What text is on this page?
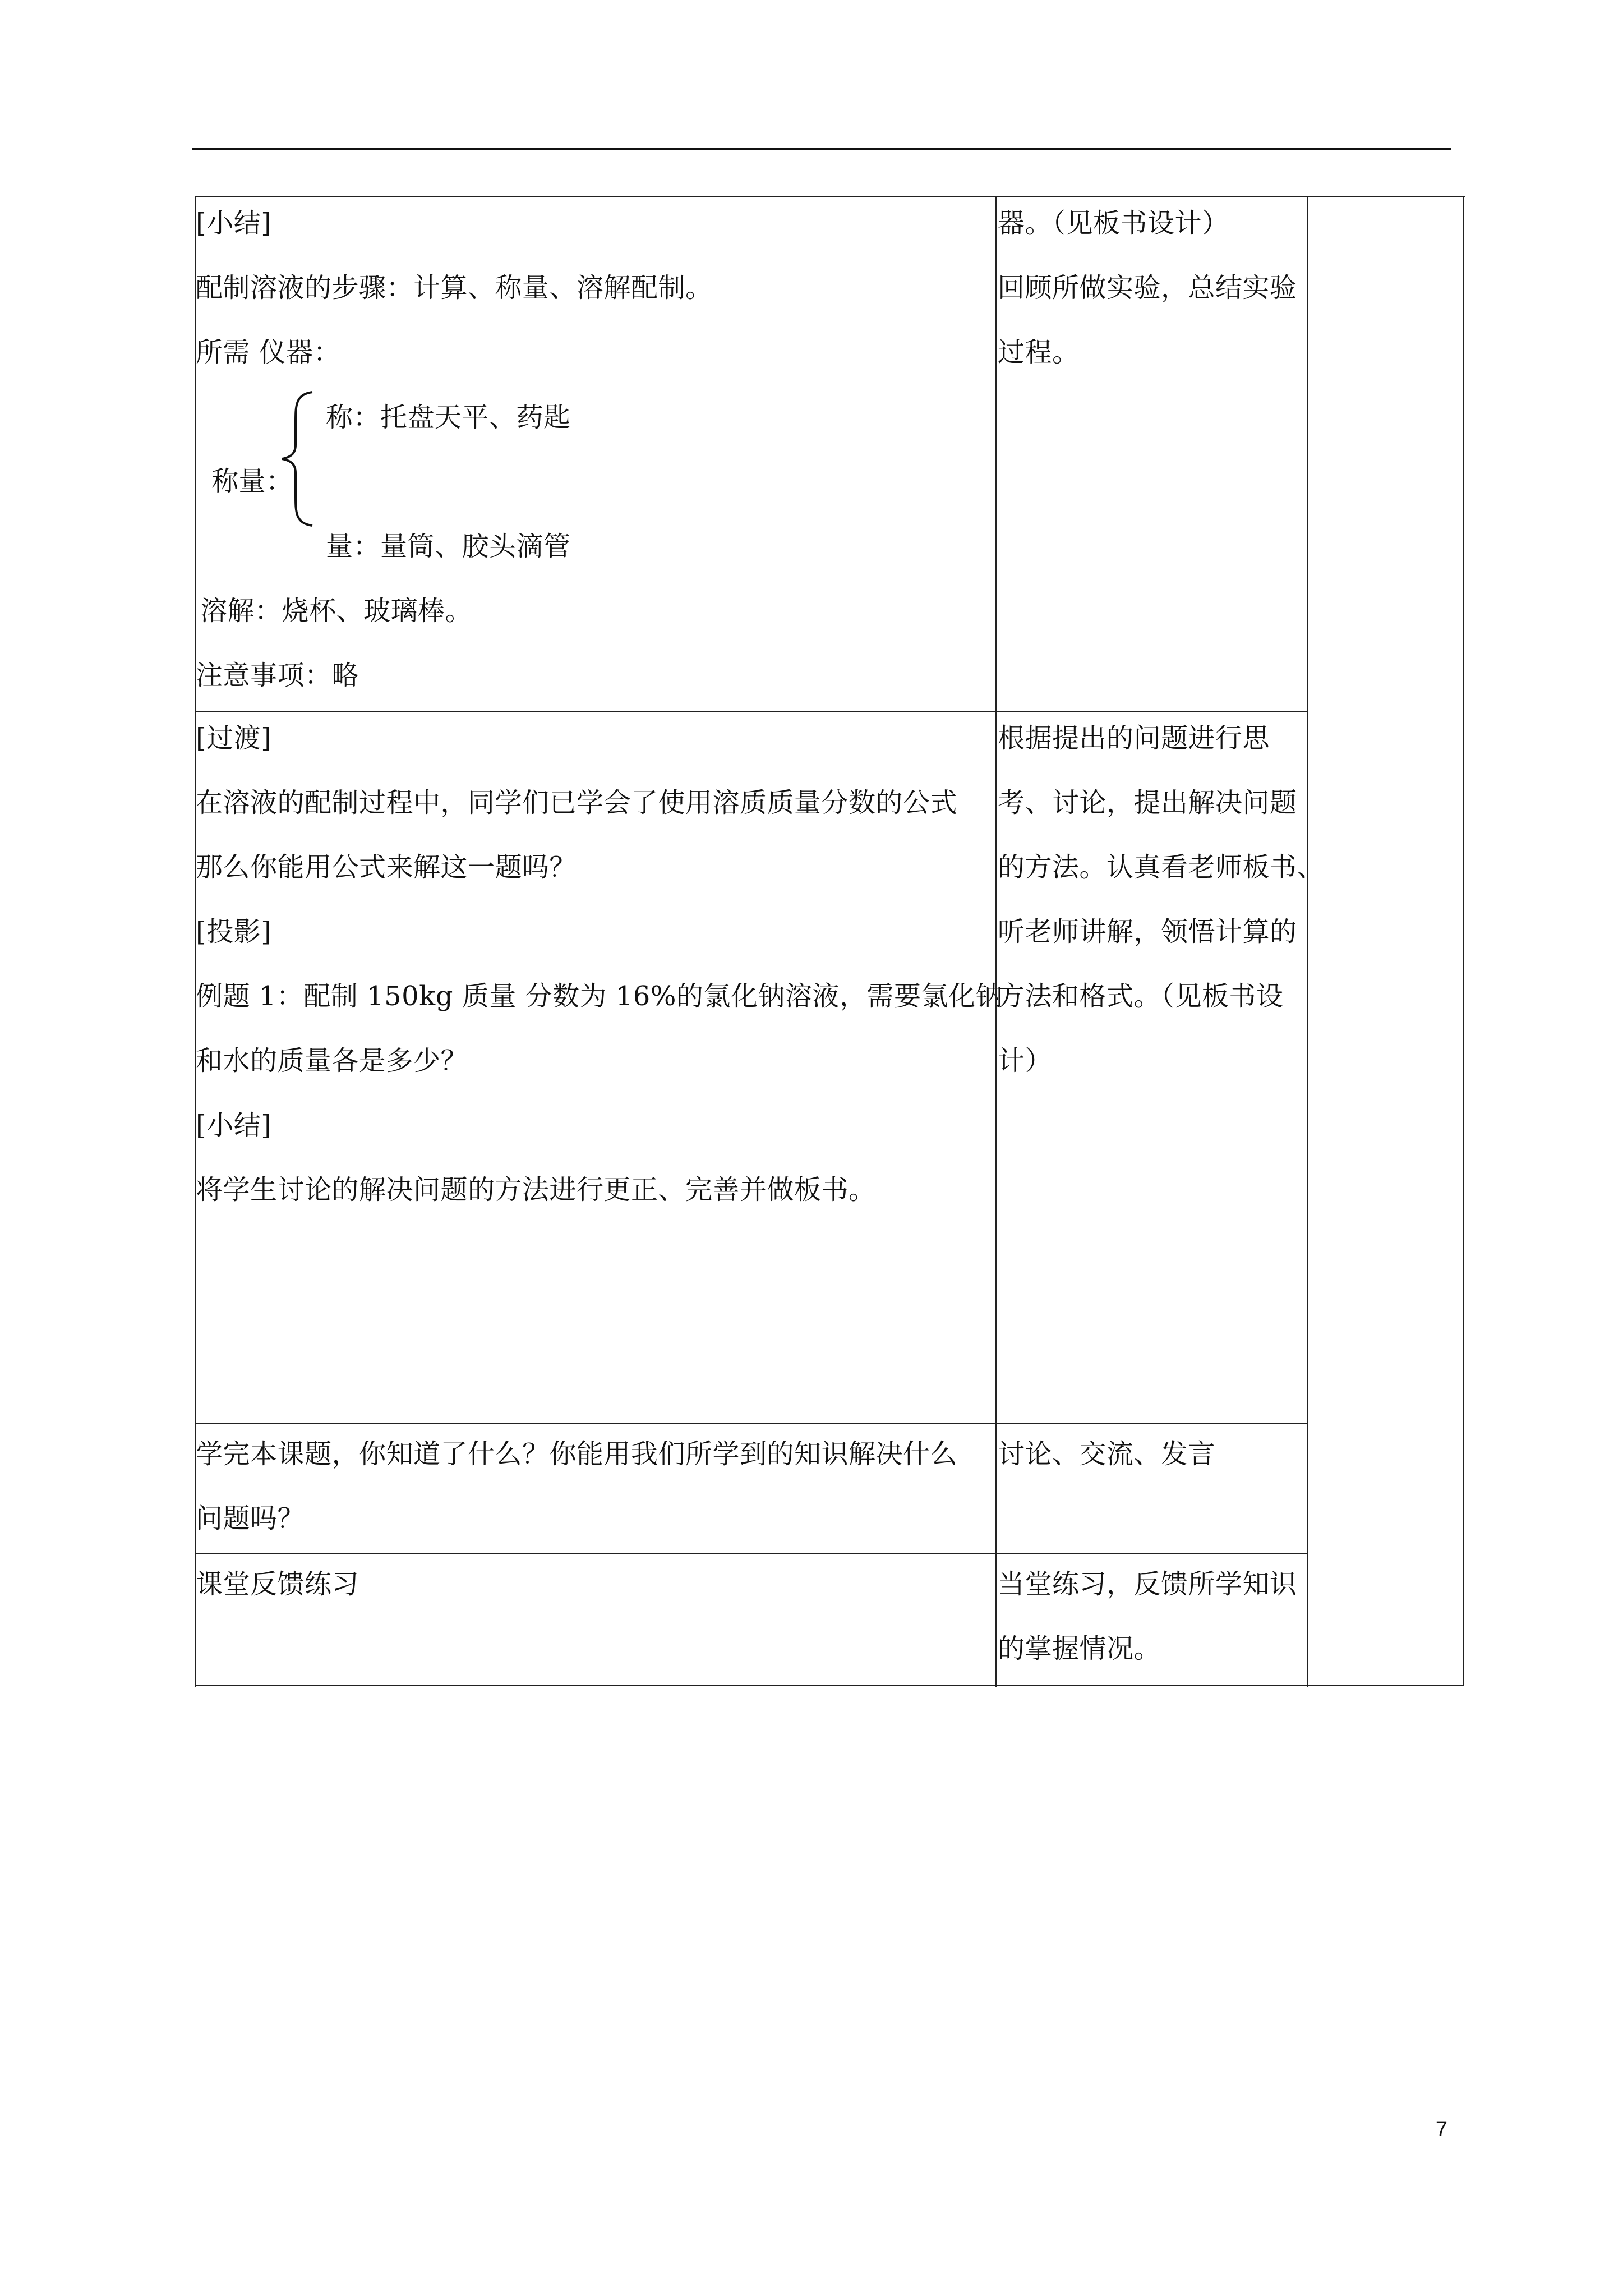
[小结]
配制溶液的步骤：计算、称量、溶解配制。
所需 仪器：
称：托盘天平、药匙
称量：
量：量筒、胶头滴管
溶解：烧杯、玻璃棒。
注意事项：略
器。（见板书设计）
回顾所做实验，总结实验
过程。
[过渡]
在溶液的配制过程中，同学们已学会了使用溶质质量分数的公式
那么你能用公式来解这一题吗？
[投影]
例题 1：配制 150kg 质量 分数为 16%的氯化钠溶液，需要氯化钠
和水的质量各是多少？
[小结]
将学生讨论的解决问题的方法进行更正、完善并做板书。
根据提出的问题进行思
考、讨论，提出解决问题
的方法。认真看老师板书、
听老师讲解，领悟计算的
方法和格式。（见板书设
计）
学完本课题，你知道了什么？你能用我们所学到的知识解决什么
问题吗？
讨论、交流、发言
课堂反馈练习	当堂练习，反馈所学知识
的掌握情况。
7
